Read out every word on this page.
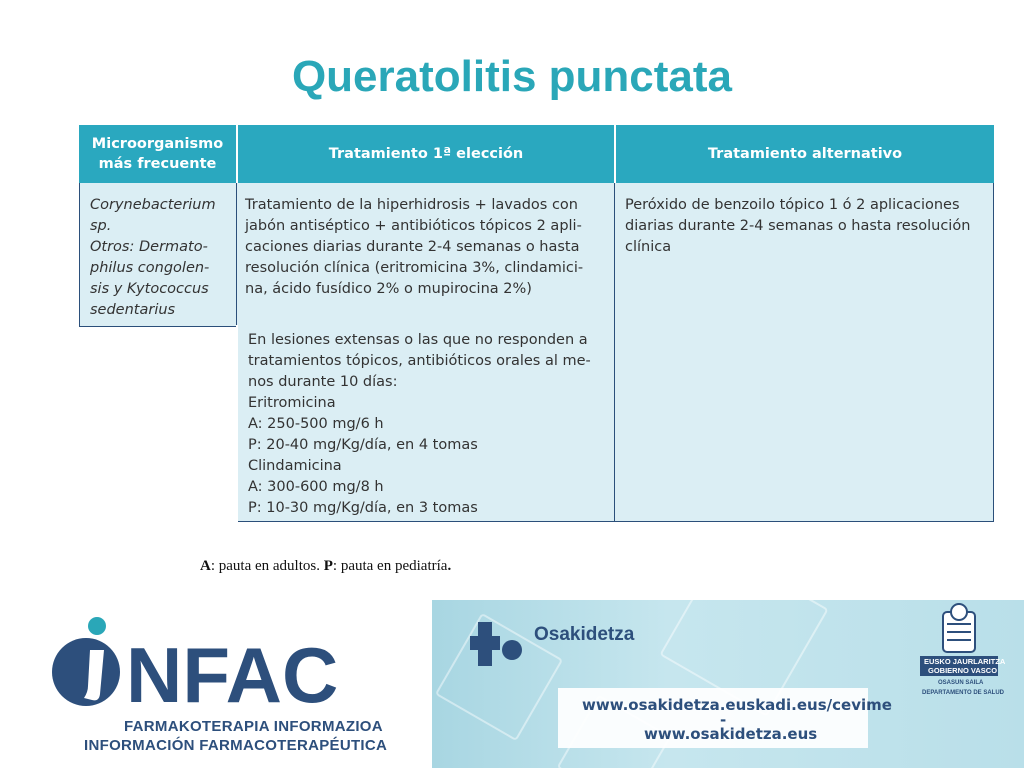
Queratolitis punctata
Microorganismo
más frecuente
Tratamiento 1ª elección	Tratamiento alternativo
Corynebacterium
sp.
Otros: Dermato-
philus congolen-
sis y Kytococcus
sedentarius
Tratamiento de la hiperhidrosis + lavados con
jabón antiséptico + antibióticos tópicos 2 apli-
caciones diarias durante 2-4 semanas o hasta
resolución clínica (eritromicina 3%, clindamici-
na, ácido fusídico 2% o mupirocina 2%)
Peróxido de benzoilo tópico 1 ó 2 aplicaciones
diarias durante 2-4 semanas o hasta resolución
clínica
En lesiones extensas o las que no responden a
tratamientos tópicos, antibióticos orales al me-
nos durante 10 días:
Eritromicina
A: 250-500 mg/6 h
P: 20-40 mg/Kg/día, en 4 tomas
Clindamicina
A: 300-600 mg/8 h
P: 10-30 mg/Kg/día, en 3 tomas
A: pauta en adultos. P: pauta en pediatría.
NFAC
FARMAKOTERAPIA INFORMAZIOA
INFORMACIÓN FARMACOTERAPÉUTICA
Osakidetza
www.osakidetza.euskadi.eus/cevime
-
www.osakidetza.eus
EUSKO JAURLARITZA
GOBIERNO VASCO
OSASUN SAILA
DEPARTAMENTO DE SALUD
